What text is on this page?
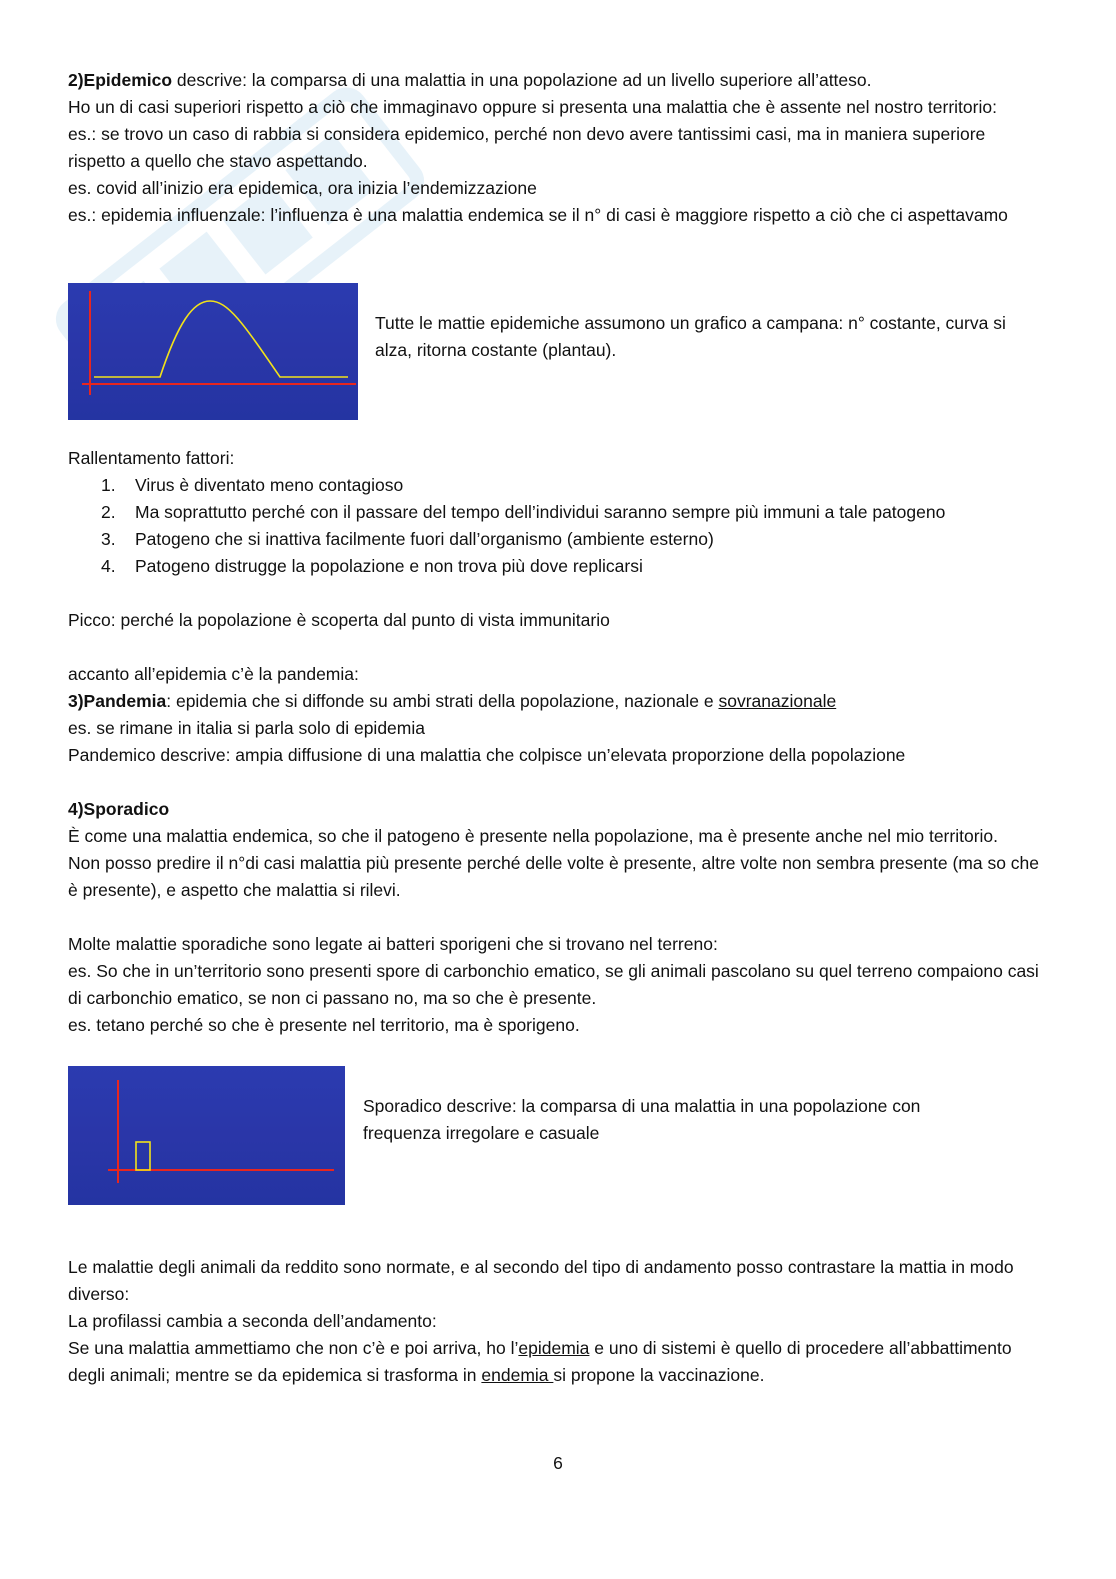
2)Epidemico descrive: la comparsa di una malattia in una popolazione ad un livello superiore all’atteso.
Ho un di casi superiori rispetto a ciò che immaginavo oppure si presenta una malattia che è assente nel nostro territorio:
es.: se trovo un caso di rabbia si considera epidemico, perché non devo avere tantissimi casi, ma in maniera superiore rispetto a quello che stavo aspettando.
es. covid all’inizio era epidemica, ora inizia l’endemizzazione
es.: epidemia influenzale: l’influenza è una malattia endemica se il n° di casi è maggiore rispetto a ciò che ci aspettavamo
Tutte le mattie epidemiche assumono un grafico a campana: n° costante, curva si alza, ritorna costante (plantau).
Rallentamento fattori:
1. Virus è diventato meno contagioso
2. Ma soprattutto perché con il passare del tempo dell’individui saranno sempre più immuni a tale patogeno
3. Patogeno che si inattiva facilmente fuori dall’organismo (ambiente esterno)
4. Patogeno distrugge la popolazione e non trova più dove replicarsi
Picco: perché la popolazione è scoperta dal punto di vista immunitario
accanto all’epidemia c’è la pandemia:
3)Pandemia: epidemia che si diffonde su ambi strati della popolazione, nazionale e sovranazionale
es. se rimane in italia si parla solo di epidemia
Pandemico descrive: ampia diffusione di una malattia che colpisce un’elevata proporzione della popolazione
4)Sporadico
È come una malattia endemica, so che il patogeno è presente nella popolazione, ma è presente anche nel mio territorio.
Non posso predire il n°di casi malattia più presente perché delle volte è presente, altre volte non sembra presente (ma so che è presente), e aspetto che malattia si rilevi.
Molte malattie sporadiche sono legate ai batteri sporigeni che si trovano nel terreno:
es. So che in un’territorio sono presenti spore di carbonchio ematico, se gli animali pascolano su quel terreno compaiono casi di carbonchio ematico, se non ci passano no, ma so che è presente.
es. tetano perché so che è presente nel territorio, ma è sporigeno.
Sporadico descrive: la comparsa di una malattia in una popolazione con frequenza irregolare e casuale
Le malattie degli animali da reddito sono normate, e al secondo del tipo di andamento posso contrastare la mattia in modo diverso:
La profilassi cambia a seconda dell’andamento:
Se una malattia ammettiamo che non c’è e poi arriva, ho l’epidemia e uno di sistemi è quello di procedere all’abbattimento degli animali; mentre se da epidemica si trasforma in endemia si propone la vaccinazione.
6
